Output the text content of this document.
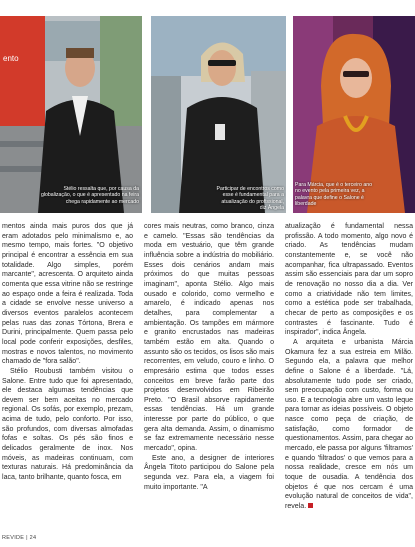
Stélio ressalta que, por causa da globalização, o que é apresentado na feira chega rapidamente ao mercado
ento
Participar de encontros como esse é fundamental para a atualização do profissional, diz Ângela
Para Márcia, que é o terceiro ano no evento pela primeira vez, a palavra que define o Salone é liberdade

mentos ainda mais puros dos que já eram adotados pelo minimalismo e, ao mesmo tempo, mais fortes. "O objetivo principal é encontrar a essência em sua totalidade. Algo simples, porém marcante", acrescenta. O arquiteto ainda comenta que essa vitrine não se restringe ao espaço onde a feira é realizada. Toda a cidade se envolve nesse universo a diversos eventos paralelos acontecem pelas ruas das zonas Tórtona, Brera e Durini, principalmente. Quem passa pelo local pode conferir exposições, desfiles, mostras e novos talentos, no movimento chamado de "fora salão".

Stélio Roubusti também visitou o Salone. Entre tudo que foi apresentado, ele destaca algumas tendências que devem ser bem aceitas no mercado regional. Os sofás, por exemplo, prezam, acima de tudo, pelo conforto. Por isso, são profundos, com diversas almofadas fofas e soltas. Os pés são finos e delicados geralmente de inox. Nos móveis, as madeiras continuam, com texturas naturais. Há predominância da laca, tanto brilhante, quanto fosca, em

cores mais neutras, como branco, cinza e camelo. "Essas são tendências da moda em vestuário, que têm grande influência sobre a indústria do mobiliário. Esses dois cenários andam mais próximos do que muitas pessoas imaginam", aponta Stélio. Algo mais ousado e colorido, como vermelho e amarelo, é indicado apenas nos detalhes, para complementar a ambientação. Os tampões em mármore e granito encrustados nas madeiras também estão em alta. Quando o assunto são os tecidos, os lisos são mais recorrentes, em veludo, couro e linho. O empresário estima que todos esses conceitos em breve farão parte dos projetos desenvolvidos em Ribeirão Preto. "O Brasil absorve rapidamente essas tendências. Há um grande interesse por parte do público, o que gera alta demanda. Assim, o dinamismo se faz extremamente necessário nesse mercado", opina.

Este ano, a designer de interiores Ângela Titoto participou do Salone pela segunda vez. Para ela, a viagem foi muito importante. "A

atualização é fundamental nessa profissão. A todo momento, algo novo é criado. As tendências mudam constantemente e, se você não acompanhar, fica ultrapassado. Eventos assim são essenciais para dar um sopro de renovação no nosso dia a dia. Ver como a criatividade não tem limites, como a estética pode ser trabalhada, checar de perto as composições e os contrastes é fascinante. Tudo é inspirador", indica Ângela.

A arquiteta e urbanista Márcia Okamura fez a sua estreia em Milão. Segundo ela, a palavra que melhor define o Salone é a liberdade. "Lá, absolutamente tudo pode ser criado, sem preocupação com custo, forma ou uso. E a tecnologia abre um vasto leque para tornar as ideias possíveis. O objeto nasce como peça de criação, de satisfação, como formador de questionamentos. Assim, para chegar ao mercado, ele passa por alguns 'filtramos' e quando 'filtrados' o que vemos para a nossa realidade, cresce em nós um toque de ousadia. A tendência dos objetos é que nos cercam é uma evolução natural de conceitos de vida", revela.

REVIDE | 24
